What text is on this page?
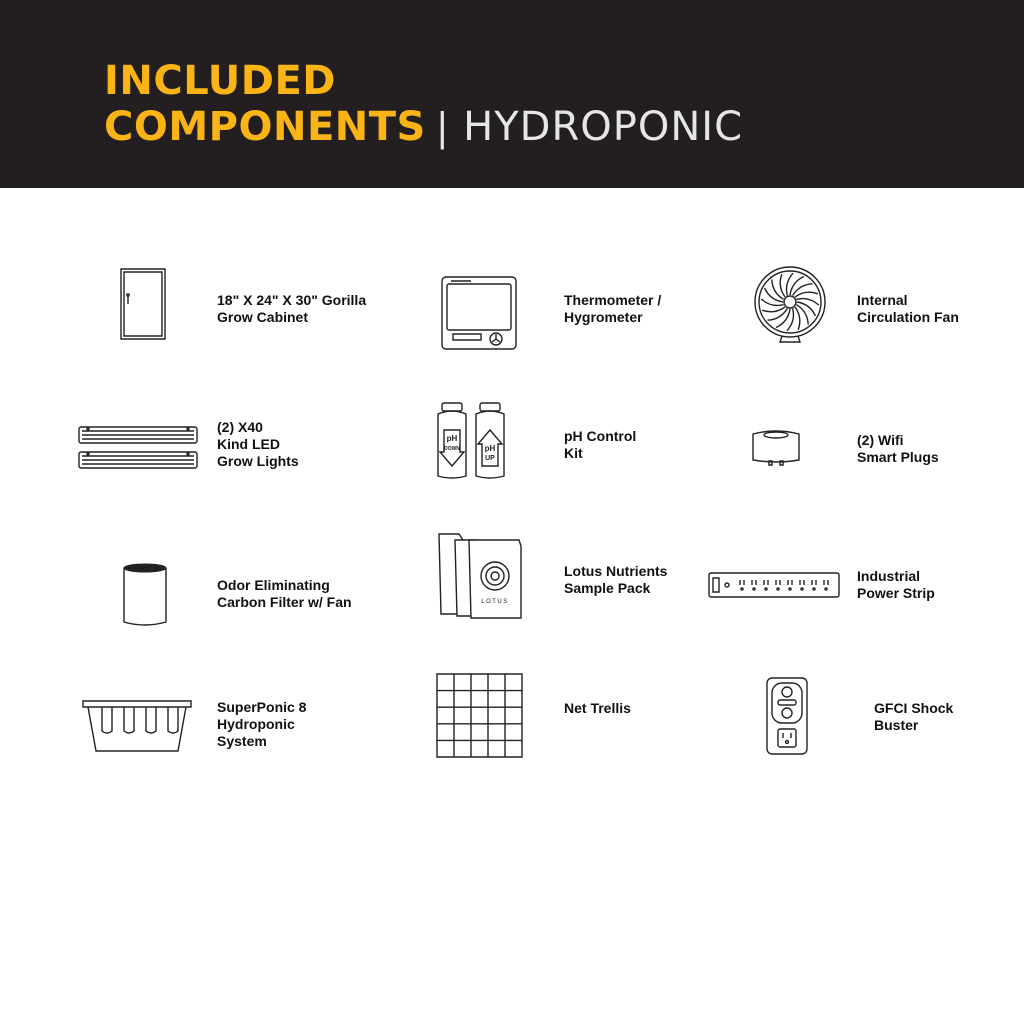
INCLUDED
COMPONENTS | HYDROPONIC
18" X 24" X 30" Gorilla
Grow Cabinet
Thermometer /
Hygrometer
Internal
Circulation Fan
(2) X40
Kind LED
Grow Lights
pH
DOWN	pH
UP
pH Control
Kit
(2) Wifi
Smart Plugs
Odor Eliminating
Carbon Filter w/ Fan	LOTUS
Lotus Nutrients
Sample Pack
Industrial
Power Strip
SuperPonic 8
Hydroponic
System
Net Trellis	GFCI Shock
Buster
